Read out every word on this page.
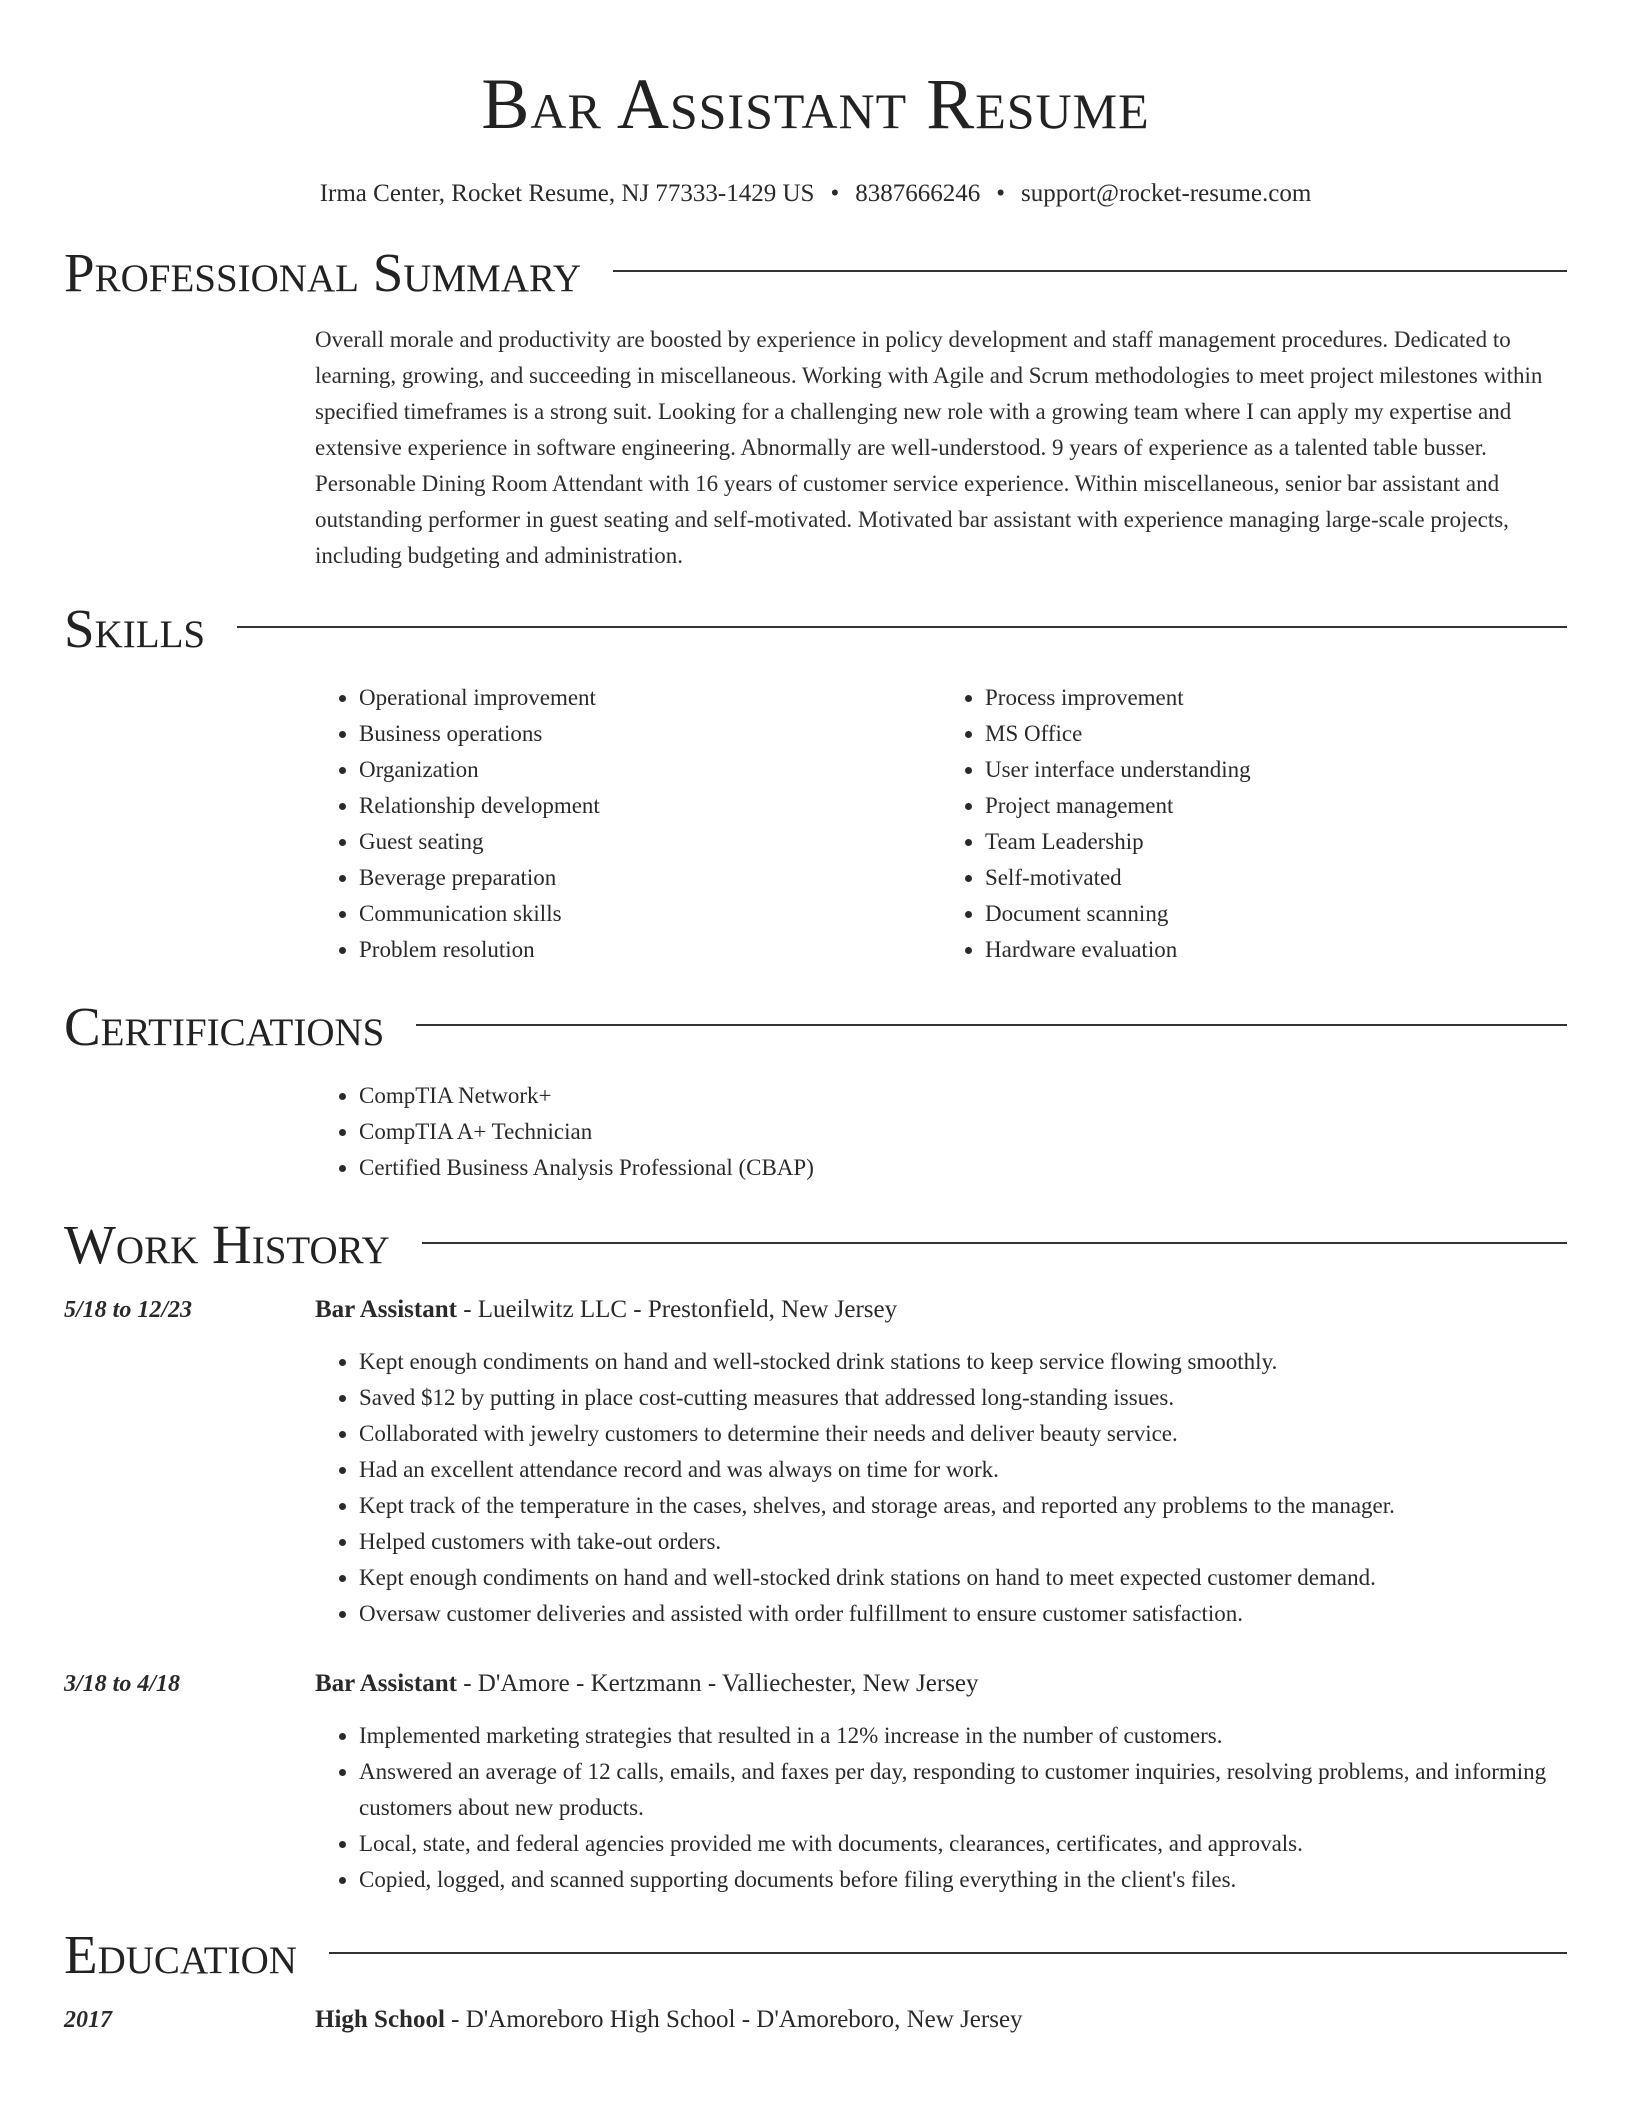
Bar Assistant Resume
Irma Center, Rocket Resume, NJ 77333-1429 US • 8387666246 • support@rocket-resume.com
Professional Summary

Overall morale and productivity are boosted by experience in policy development and staff management procedures. Dedicated to learning, growing, and succeeding in miscellaneous. Working with Agile and Scrum methodologies to meet project milestones within specified timeframes is a strong suit. Looking for a challenging new role with a growing team where I can apply my expertise and extensive experience in software engineering. Abnormally are well-understood. 9 years of experience as a talented table busser. Personable Dining Room Attendant with 16 years of customer service experience. Within miscellaneous, senior bar assistant and outstanding performer in guest seating and self-motivated. Motivated bar assistant with experience managing large-scale projects, including budgeting and administration.

Skills
• Operational improvement
• Business operations
• Organization
• Relationship development
• Guest seating
• Beverage preparation
• Communication skills
• Problem resolution
• Process improvement
• MS Office
• User interface understanding
• Project management
• Team Leadership
• Self-motivated
• Document scanning
• Hardware evaluation
Certifications
• CompTIA Network+
• CompTIA A+ Technician
• Certified Business Analysis Professional (CBAP)
Work History
5/18 to 12/23	Bar Assistant - Lueilwitz LLC - Prestonfield, New Jersey
• Kept enough condiments on hand and well-stocked drink stations to keep service flowing smoothly.
• Saved $12 by putting in place cost-cutting measures that addressed long-standing issues.
• Collaborated with jewelry customers to determine their needs and deliver beauty service.
• Had an excellent attendance record and was always on time for work.
• Kept track of the temperature in the cases, shelves, and storage areas, and reported any problems to the manager.
• Helped customers with take-out orders.
• Kept enough condiments on hand and well-stocked drink stations on hand to meet expected customer demand.
• Oversaw customer deliveries and assisted with order fulfillment to ensure customer satisfaction.
3/18 to 4/18	Bar Assistant - D'Amore - Kertzmann - Valliechester, New Jersey
• Implemented marketing strategies that resulted in a 12% increase in the number of customers.
• Answered an average of 12 calls, emails, and faxes per day, responding to customer inquiries, resolving problems, and informing customers about new products.
• Local, state, and federal agencies provided me with documents, clearances, certificates, and approvals.
• Copied, logged, and scanned supporting documents before filing everything in the client's files.
Education
2017	High School - D'Amoreboro High School - D'Amoreboro, New Jersey
